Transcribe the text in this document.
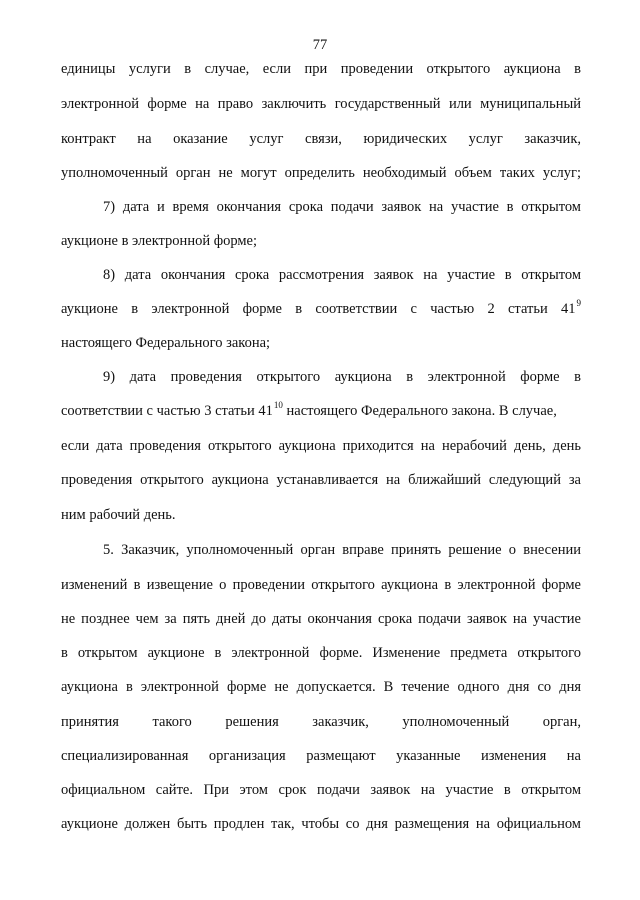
77
единицы услуги в случае, если при проведении открытого аукциона в
электронной форме на право заключить государственный или муниципальный
контракт на оказание услуг связи, юридических услуг заказчик,
уполномоченный орган не могут определить необходимый объем таких услуг;
7) дата и время окончания срока подачи заявок на участие в открытом
аукционе в электронной форме;
8) дата окончания срока рассмотрения заявок на участие в открытом
аукционе в электронной форме в соответствии с частью 2 статьи $41^9$
настоящего Федерального закона;
9) дата проведения открытого аукциона в электронной форме в
соответствии с частью 3 статьи $41^{10}$ настоящего Федерального закона. В случае,
если дата проведения открытого аукциона приходится на нерабочий день, день
проведения открытого аукциона устанавливается на ближайший следующий за
ним рабочий день.
5. Заказчик, уполномоченный орган вправе принять решение о внесении
изменений в извещение о проведении открытого аукциона в электронной форме
не позднее чем за пять дней до даты окончания срока подачи заявок на участие
в открытом аукционе в электронной форме. Изменение предмета открытого
аукциона в электронной форме не допускается. В течение одного дня со дня
принятия такого решения заказчик, уполномоченный орган,
специализированная организация размещают указанные изменения на
официальном сайте. При этом срок подачи заявок на участие в открытом
аукционе должен быть продлен так, чтобы со дня размещения на официальном
